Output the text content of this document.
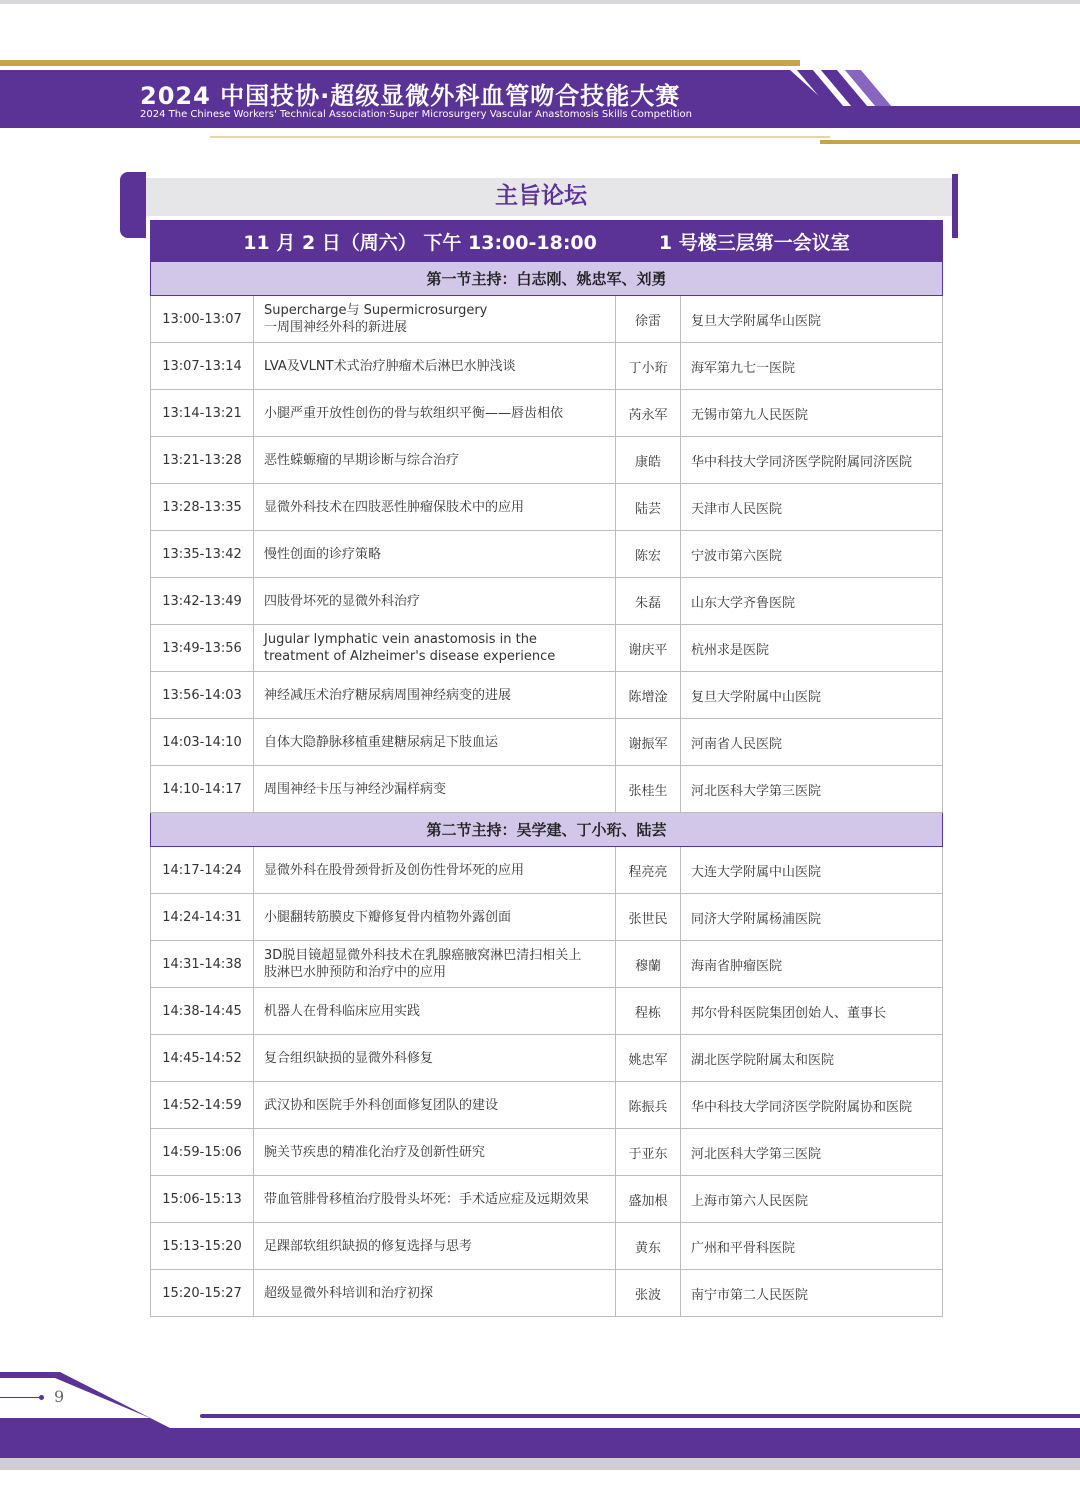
2024 中国技协·超级显微外科血管吻合技能大赛
2024 The Chinese Workers' Technical Association·Super Microsurgery Vascular Anastomosis Skills Competition
主旨论坛
11 月 2 日（周六） 下午 13:00-18:00 1 号楼三层第一会议室			

第一节主持：白志刚、姚忠军、刘勇			
13:00-13:07	Supercharge与 Supermicrosurgery
一周围神经外科的新进展	徐雷	复旦大学附属华山医院
13:07-13:14	LVA及VLNT术式治疗肿瘤术后淋巴水肿浅谈	丁小珩	海军第九七一医院
13:14-13:21	小腿严重开放性创伤的骨与软组织平衡——唇齿相依	芮永军	无锡市第九人民医院
13:21-13:28	恶性蝾螈瘤的早期诊断与综合治疗	康皓	华中科技大学同济医学院附属同济医院
13:28-13:35	显微外科技术在四肢恶性肿瘤保肢术中的应用	陆芸	天津市人民医院
13:35-13:42	慢性创面的诊疗策略	陈宏	宁波市第六医院
13:42-13:49	四肢骨坏死的显微外科治疗	朱磊	山东大学齐鲁医院
13:49-13:56	Jugular lymphatic vein anastomosis in the
treatment of Alzheimer's disease experience	谢庆平	杭州求是医院
13:56-14:03	神经减压术治疗糖尿病周围神经病变的进展	陈增淦	复旦大学附属中山医院
14:03-14:10	自体大隐静脉移植重建糖尿病足下肢血运	谢振军	河南省人民医院
14:10-14:17	周围神经卡压与神经沙漏样病变	张桂生	河北医科大学第三医院
第二节主持：吴学建、丁小珩、陆芸			
14:17-14:24	显微外科在股骨颈骨折及创伤性骨坏死的应用	程亮亮	大连大学附属中山医院
14:24-14:31	小腿翻转筋膜皮下瓣修复骨内植物外露创面	张世民	同济大学附属杨浦医院
14:31-14:38	3D脱目镜超显微外科技术在乳腺癌腋窝淋巴清扫相关上
肢淋巴水肿预防和治疗中的应用	穆蘭	海南省肿瘤医院
14:38-14:45	机器人在骨科临床应用实践	程栋	邦尔骨科医院集团创始人、董事长
14:45-14:52	复合组织缺损的显微外科修复	姚忠军	湖北医学院附属太和医院
14:52-14:59	武汉协和医院手外科创面修复团队的建设	陈振兵	华中科技大学同济医学院附属协和医院
14:59-15:06	腕关节疾患的精准化治疗及创新性研究	于亚东	河北医科大学第三医院
15:06-15:13	带血管腓骨移植治疗股骨头坏死：手术适应症及远期效果	盛加根	上海市第六人民医院
15:13-15:20	足踝部软组织缺损的修复选择与思考	黄东	广州和平骨科医院
15:20-15:27	超级显微外科培训和治疗初探	张波	南宁市第二人民医院
9
